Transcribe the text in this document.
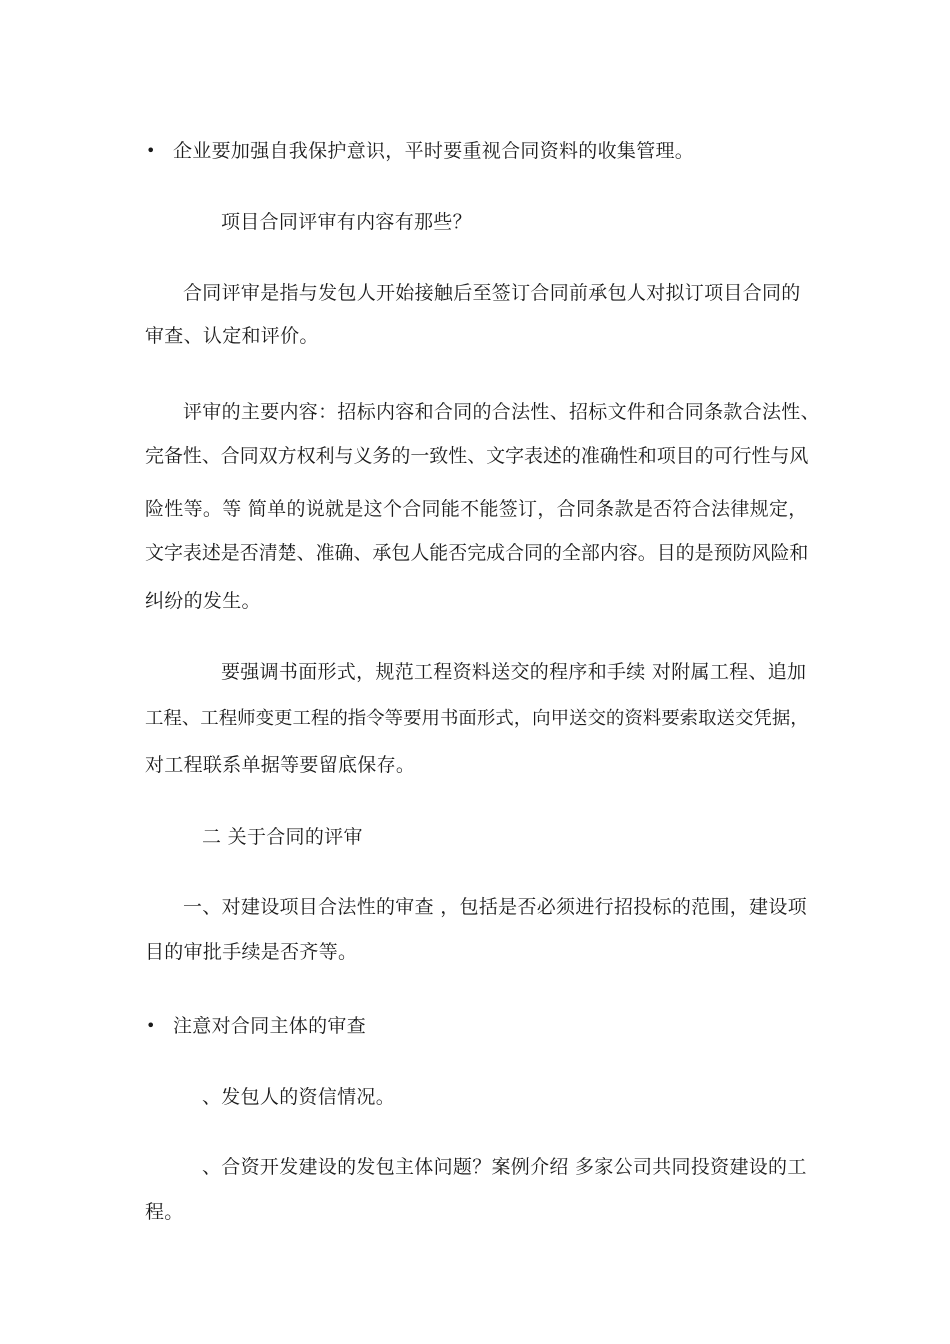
• 企业要加强自我保护意识，平时要重视合同资料的收集管理。
项目合同评审有内容有那些？
合同评审是指与发包人开始接触后至签订合同前承包人对拟订项目合同的
审查、认定和评价。
评审的主要内容：招标内容和合同的合法性、招标文件和合同条款合法性、
完备性、合同双方权利与义务的一致性、文字表述的准确性和项目的可行性与风
险性等。等 简单的说就是这个合同能不能签订，合同条款是否符合法律规定，
文字表述是否清楚、准确、承包人能否完成合同的全部内容。目的是预防风险和
纠纷的发生。
要强调书面形式，规范工程资料送交的程序和手续 对附属工程、追加
工程、工程师变更工程的指令等要用书面形式，向甲送交的资料要索取送交凭据，
对工程联系单据等要留底保存。
二 关于合同的评审
一、对建设项目合法性的审查 ，包括是否必须进行招投标的范围，建设项
目的审批手续是否齐等。
• 注意对合同主体的审查
、发包人的资信情况。
、合资开发建设的发包主体问题？案例介绍 多家公司共同投资建设的工
程。
